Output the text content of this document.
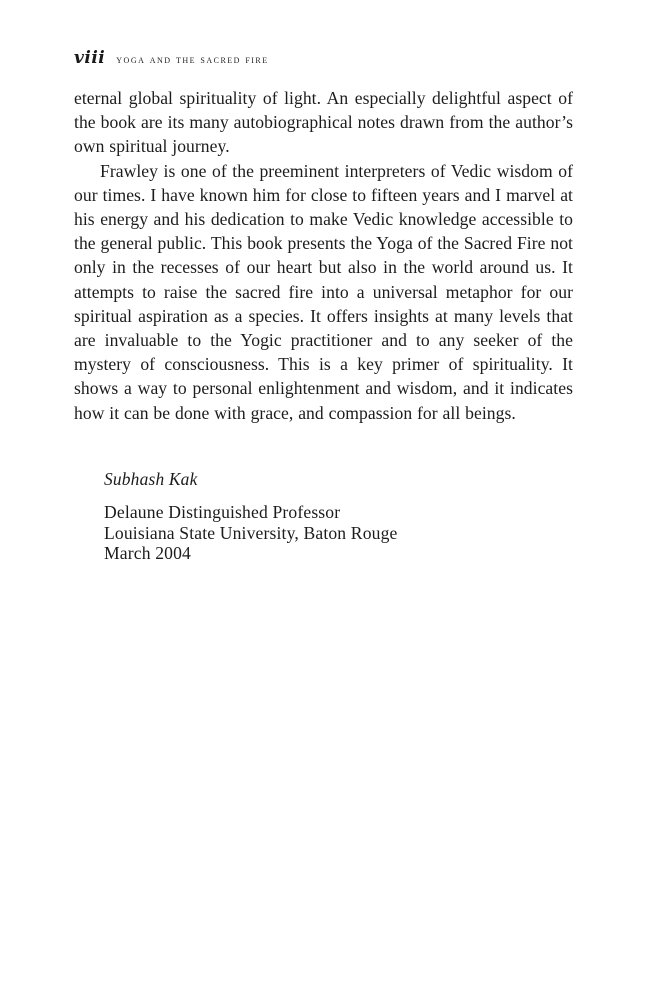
viii yoga and the sacred fire

eternal global spirituality of light. An especially delightful aspect of the book are its many autobiographical notes drawn from the author’s own spiritual journey.

Frawley is one of the preeminent interpreters of Vedic wisdom of our times. I have known him for close to fifteen years and I marvel at his energy and his dedication to make Vedic knowledge accessible to the general public. This book presents the Yoga of the Sacred Fire not only in the recesses of our heart but also in the world around us. It attempts to raise the sacred fire into a universal metaphor for our spiritual aspiration as a species. It offers insights at many levels that are invaluable to the Yogic practitioner and to any seeker of the mystery of consciousness. This is a key primer of spirituality. It shows a way to personal enlightenment and wisdom, and it indicates how it can be done with grace, and compassion for all beings.

Subhash Kak

Delaune Distinguished Professor
Louisiana State University, Baton Rouge
March 2004
